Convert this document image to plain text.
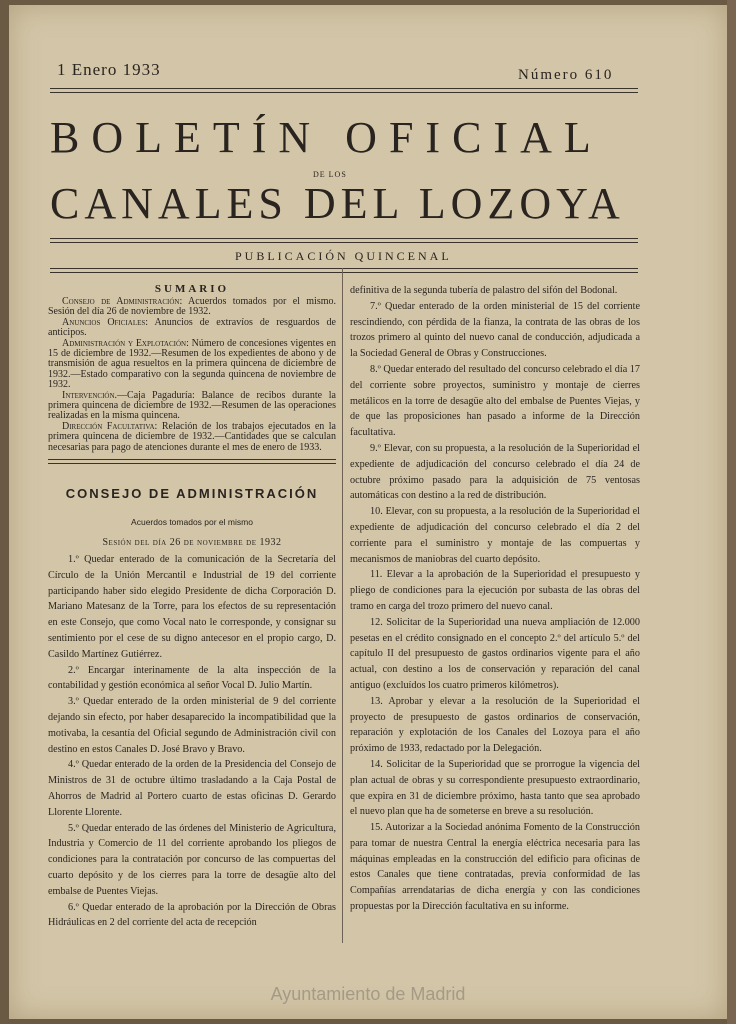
1 Enero 1933	Número 610
BOLETÍN OFICIAL
DE LOS
CANALES DEL LOZOYA
PUBLICACIÓN QUINCENAL
SUMARIO

Consejo de Administración: Acuerdos tomados por el mismo. Sesión del día 26 de noviembre de 1932.

Anuncios Oficiales: Anuncios de extravíos de resguardos de anticipos.

Administración y Explotación: Número de concesiones vigentes en 15 de diciembre de 1932.—Resumen de los expedientes de abono y de transmisión de agua resueltos en la primera quincena de diciembre de 1932.—Estado comparativo con la segunda quincena de noviembre de 1932.

Intervención.—Caja Pagaduría: Balance de recibos durante la primera quincena de diciembre de 1932.—Resumen de las operaciones realizadas en la misma quincena.

Dirección Facultativa: Relación de los trabajos ejecutados en la primera quincena de diciembre de 1932.—Cantidades que se calculan necesarias para pago de atenciones durante el mes de enero de 1933.

CONSEJO DE ADMINISTRACIÓN
Acuerdos tomados por el mismo
Sesión del día 26 de noviembre de 1932

1.º Quedar enterado de la comunicación de la Secretaría del Círculo de la Unión Mercantil e Industrial de 19 del corriente participando haber sido elegido Presidente de dicha Corporación D. Mariano Matesanz de la Torre, para los efectos de su representación en este Consejo, que como Vocal nato le corresponde, y consignar su sentimiento por el cese de su digno antecesor en el propio cargo, D. Casildo Martínez Gutiérrez.

2.º Encargar interinamente de la alta inspección de la contabilidad y gestión económica al señor Vocal D. Julio Martín.

3.º Quedar enterado de la orden ministerial de 9 del corriente dejando sin efecto, por haber desaparecido la incompatibilidad que la motivaba, la cesantía del Oficial segundo de Administración civil con destino en estos Canales D. José Bravo y Bravo.

4.º Quedar enterado de la orden de la Presidencia del Consejo de Ministros de 31 de octubre último trasladando a la Caja Postal de Ahorros de Madrid al Portero cuarto de estas oficinas D. Gerardo Llorente Llorente.

5.º Quedar enterado de las órdenes del Ministerio de Agricultura, Industria y Comercio de 11 del corriente aprobando los pliegos de condiciones para la contratación por concurso de las compuertas del cuarto depósito y de los cierres para la torre de desagüe alto del embalse de Puentes Viejas.

6.º Quedar enterado de la aprobación por la Dirección de Obras Hidráulicas en 2 del corriente del acta de recepción

definitiva de la segunda tubería de palastro del sifón del Bodonal.

7.º Quedar enterado de la orden ministerial de 15 del corriente rescindiendo, con pérdida de la fianza, la contrata de las obras de los trozos primero al quinto del nuevo canal de conducción, adjudicada a la Sociedad General de Obras y Construcciones.

8.º Quedar enterado del resultado del concurso celebrado el día 17 del corriente sobre proyectos, suministro y montaje de cierres metálicos en la torre de desagüe alto del embalse de Puentes Viejas, y de que las proposiciones han pasado a informe de la Dirección facultativa.

9.º Elevar, con su propuesta, a la resolución de la Superioridad el expediente de adjudicación del concurso celebrado el día 24 de octubre próximo pasado para la adquisición de 75 ventosas automáticas con destino a la red de distribución.

10. Elevar, con su propuesta, a la resolución de la Superioridad el expediente de adjudicación del concurso celebrado el día 2 del corriente para el suministro y montaje de las compuertas y mecanismos de maniobras del cuarto depósito.

11. Elevar a la aprobación de la Superioridad el presupuesto y pliego de condiciones para la ejecución por subasta de las obras del tramo en carga del trozo primero del nuevo canal.

12. Solicitar de la Superioridad una nueva ampliación de 12.000 pesetas en el crédito consignado en el concepto 2.º del artículo 5.º del capítulo II del presupuesto de gastos ordinarios vigente para el año actual, con destino a los de conservación y reparación del canal antiguo (excluídos los cuatro primeros kilómetros).

13. Aprobar y elevar a la resolución de la Superioridad el proyecto de presupuesto de gastos ordinarios de conservación, reparación y explotación de los Canales del Lozoya para el año próximo de 1933, redactado por la Delegación.

14. Solicitar de la Superioridad que se prorrogue la vigencia del plan actual de obras y su correspondiente presupuesto extraordinario, que expira en 31 de diciembre próximo, hasta tanto que sea aprobado el nuevo plan que ha de someterse en breve a su resolución.

15. Autorizar a la Sociedad anónima Fomento de la Construcción para tomar de nuestra Central la energía eléctrica necesaria para las máquinas empleadas en la construcción del edificio para oficinas de estos Canales que tiene contratadas, previa conformidad de las Compañías arrendatarias de dicha energía y con las condiciones propuestas por la Dirección facultativa en su informe.

Ayuntamiento de Madrid
